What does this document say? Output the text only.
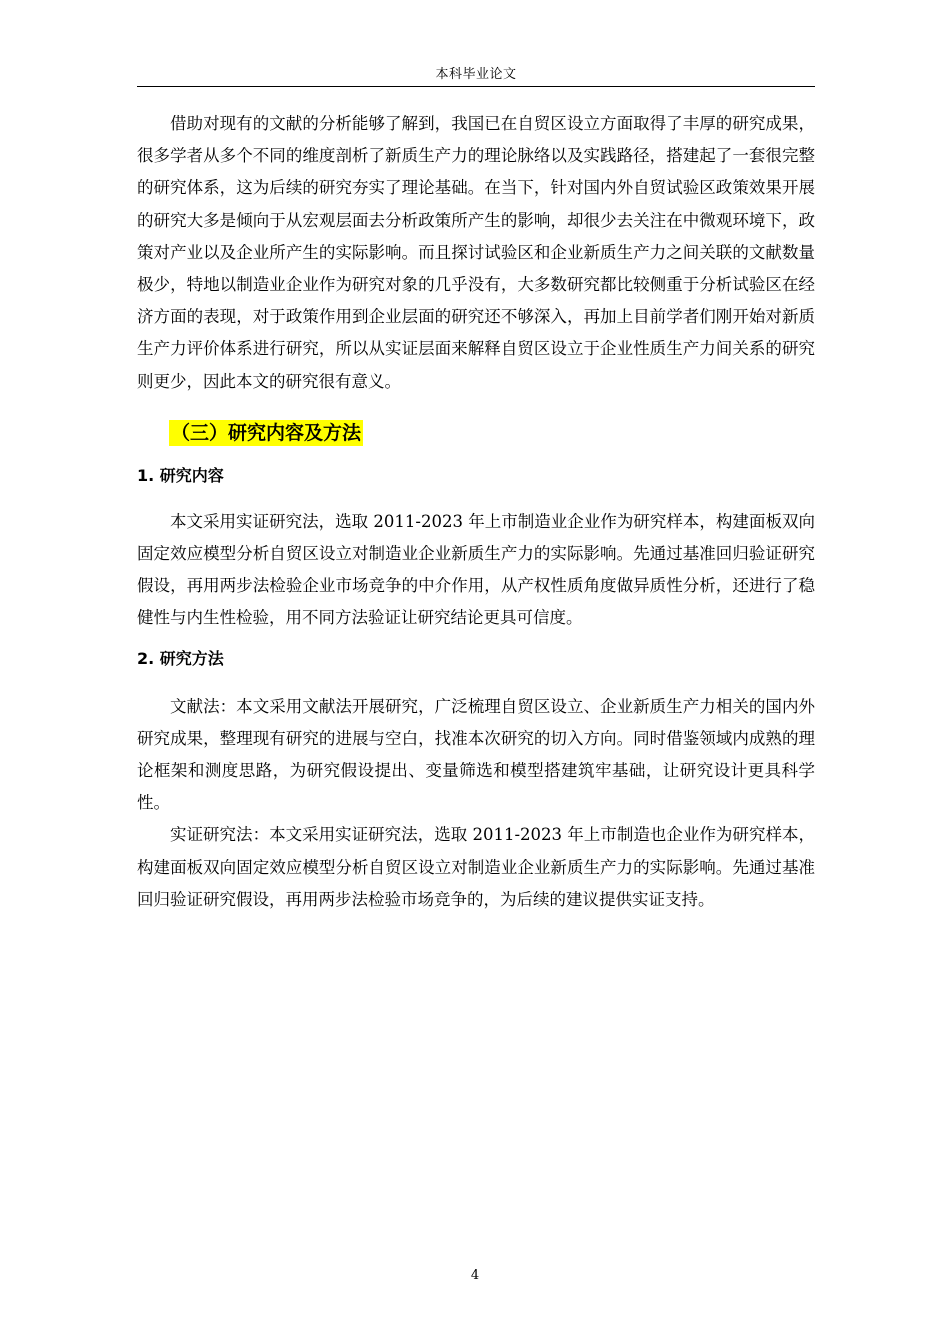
本科毕业论文

借助对现有的文献的分析能够了解到，我国已在自贸区设立方面取得了丰厚的研究成果，很多学者从多个不同的维度剖析了新质生产力的理论脉络以及实践路径，搭建起了一套很完整的研究体系，这为后续的研究夯实了理论基础。在当下，针对国内外自贸试验区政策效果开展的研究大多是倾向于从宏观层面去分析政策所产生的影响，却很少去关注在中微观环境下，政策对产业以及企业所产生的实际影响。而且探讨试验区和企业新质生产力之间关联的文献数量极少，特地以制造业企业作为研究对象的几乎没有，大多数研究都比较侧重于分析试验区在经济方面的表现，对于政策作用到企业层面的研究还不够深入，再加上目前学者们刚开始对新质生产力评价体系进行研究，所以从实证层面来解释自贸区设立于企业性质生产力间关系的研究则更少，因此本文的研究很有意义。

（三）研究内容及方法
1. 研究内容

本文采用实证研究法，选取 2011-2023 年上市制造业企业作为研究样本，构建面板双向固定效应模型分析自贸区设立对制造业企业新质生产力的实际影响。先通过基准回归验证研究假设，再用两步法检验企业市场竞争的中介作用，从产权性质角度做异质性分析，还进行了稳健性与内生性检验，用不同方法验证让研究结论更具可信度。

2. 研究方法

文献法：本文采用文献法开展研究，广泛梳理自贸区设立、企业新质生产力相关的国内外研究成果，整理现有研究的进展与空白，找准本次研究的切入方向。同时借鉴领域内成熟的理论框架和测度思路，为研究假设提出、变量筛选和模型搭建筑牢基础，让研究设计更具科学性。

实证研究法：本文采用实证研究法，选取 2011-2023 年上市制造也企业作为研究样本，构建面板双向固定效应模型分析自贸区设立对制造业企业新质生产力的实际影响。先通过基准回归验证研究假设，再用两步法检验市场竞争的，为后续的建议提供实证支持。

4
